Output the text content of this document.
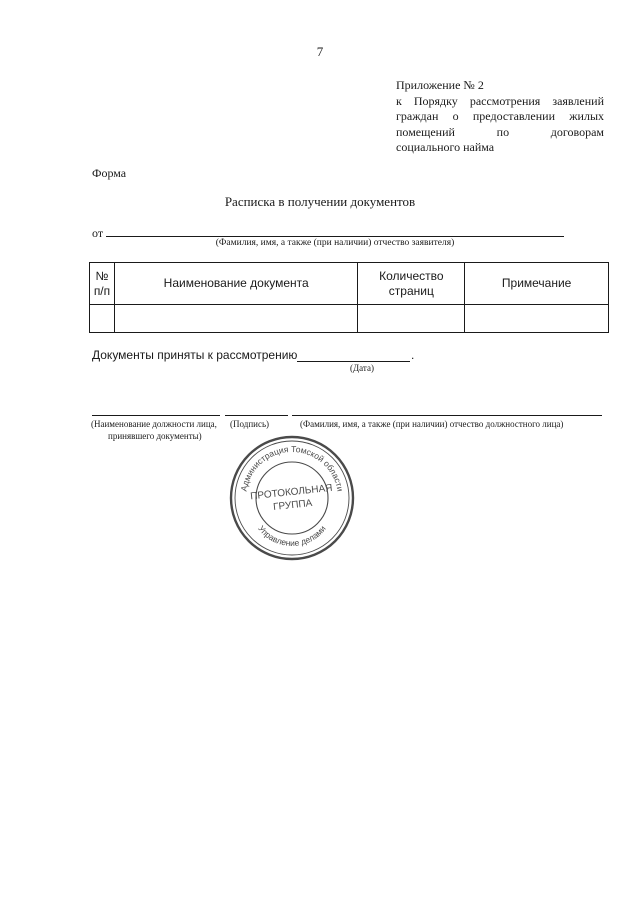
7
Приложение № 2
к Порядку рассмотрения заявлений
граждан о предоставлении жилых
помещений по договорам
социального найма
Форма
Расписка в получении документов
от
(Фамилия, имя, а также (при наличии) отчество заявителя)
№ п/п	Наименование документа	Количество страниц	Примечание

Документы приняты к рассмотрению	.
(Дата)
(Наименование должности лица,
принявшего документы)
(Подпись)	(Фамилия, имя, а также (при наличии) отчество должностного лица)
Администрация Томской области
Управление делами
ПРОТОКОЛЬНАЯ
ГРУППА
